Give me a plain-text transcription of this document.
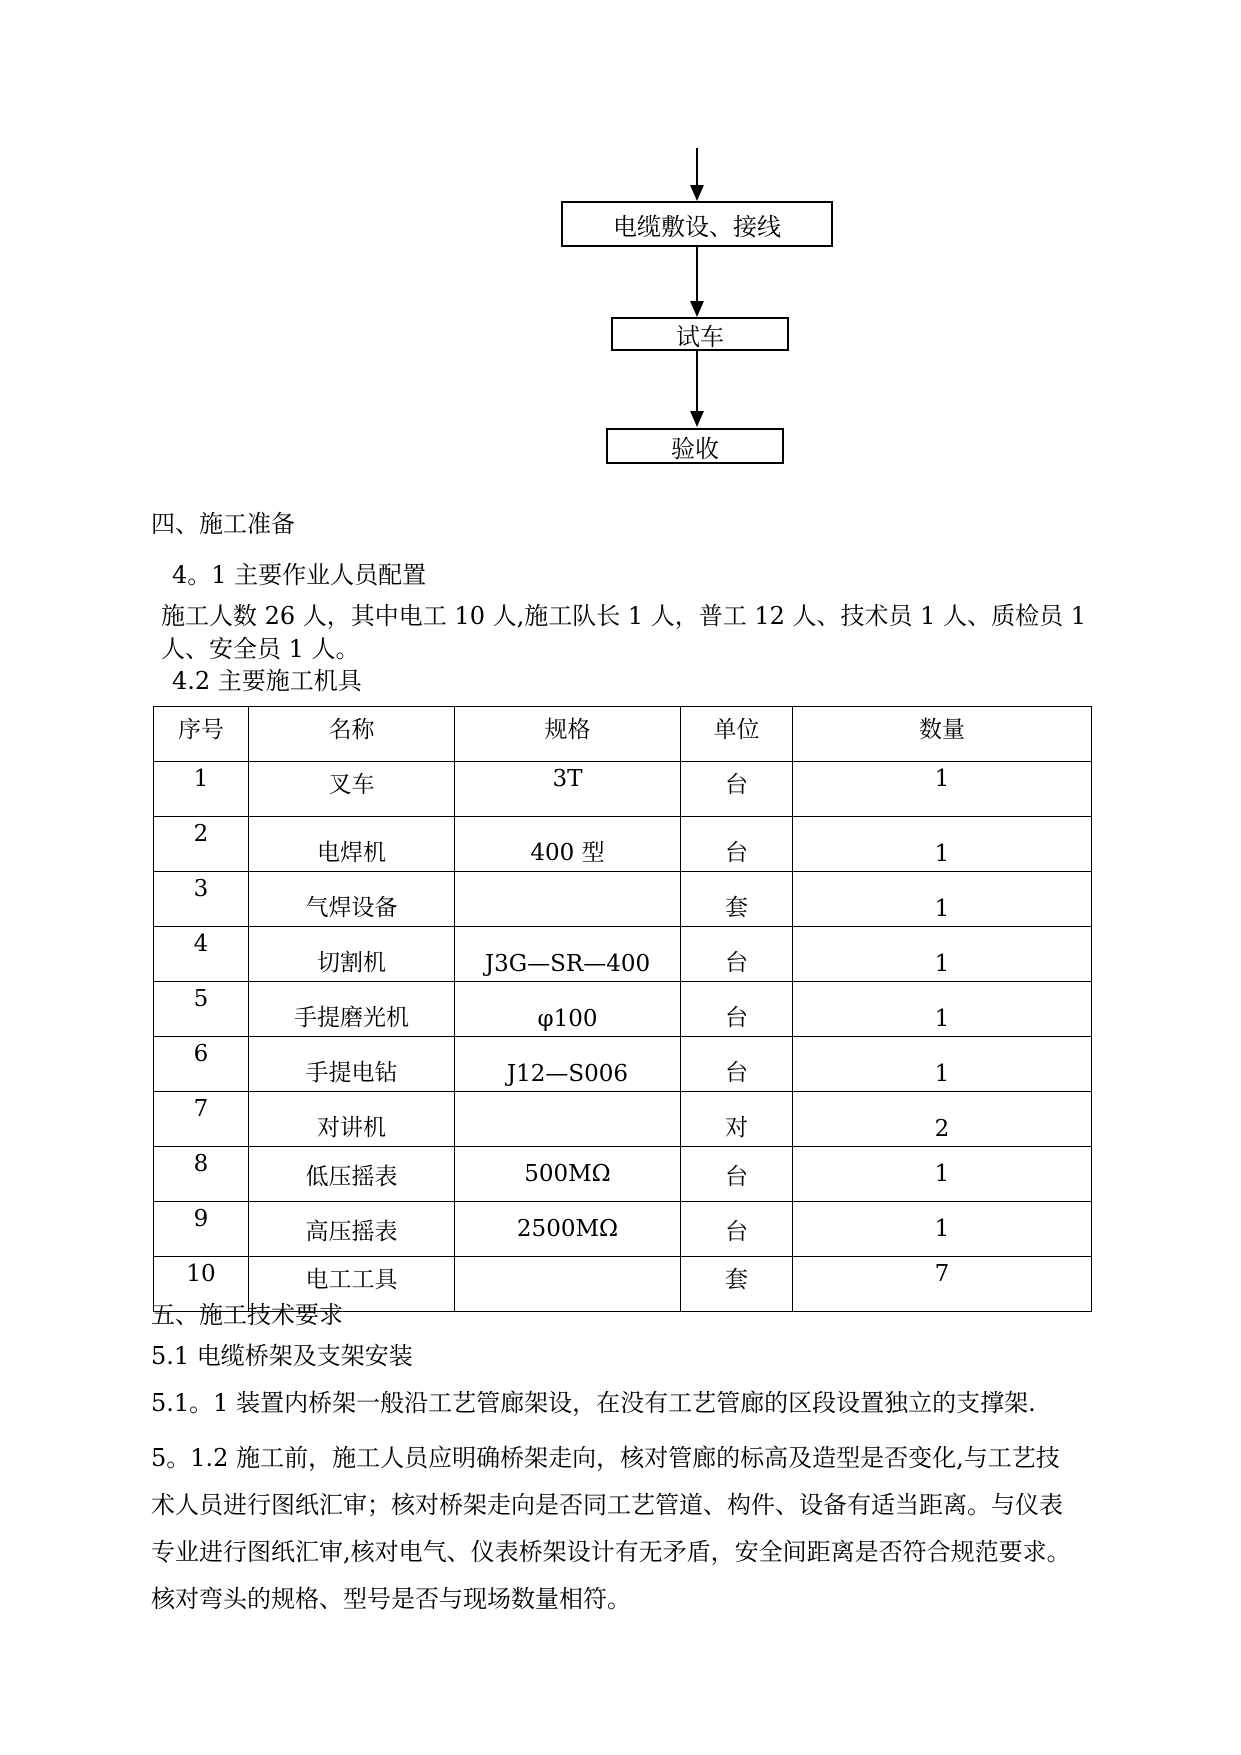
电缆敷设、接线
试车
验收
四、施工准备
4。1 主要作业人员配置
施工人数 26 人，其中电工 10 人,施工队长 1 人，普工 12 人、技术员 1 人、质检员 1
人、安全员 1 人。
4.2 主要施工机具
序号	名称	规格	单位	数量
1	叉车	3T	台	1
2	电焊机	400 型	台	1
3	气焊设备		套	1
4	切割机	J3G—SR—400	台	1
5	手提磨光机	φ100	台	1
6	手提电钻	J12—S006	台	1
7	对讲机		对	2
8	低压摇表	500MΩ	台	1
9	高压摇表	2500MΩ	台	1
10	电工工具		套	7
五、施工技术要求
5.1 电缆桥架及支架安装
5.1。1 装置内桥架一般沿工艺管廊架设，在没有工艺管廊的区段设置独立的支撑架.
5。1.2 施工前，施工人员应明确桥架走向，核对管廊的标高及造型是否变化,与工艺技
术人员进行图纸汇审；核对桥架走向是否同工艺管道、构件、设备有适当距离。与仪表
专业进行图纸汇审,核对电气、仪表桥架设计有无矛盾，安全间距离是否符合规范要求。
核对弯头的规格、型号是否与现场数量相符。
